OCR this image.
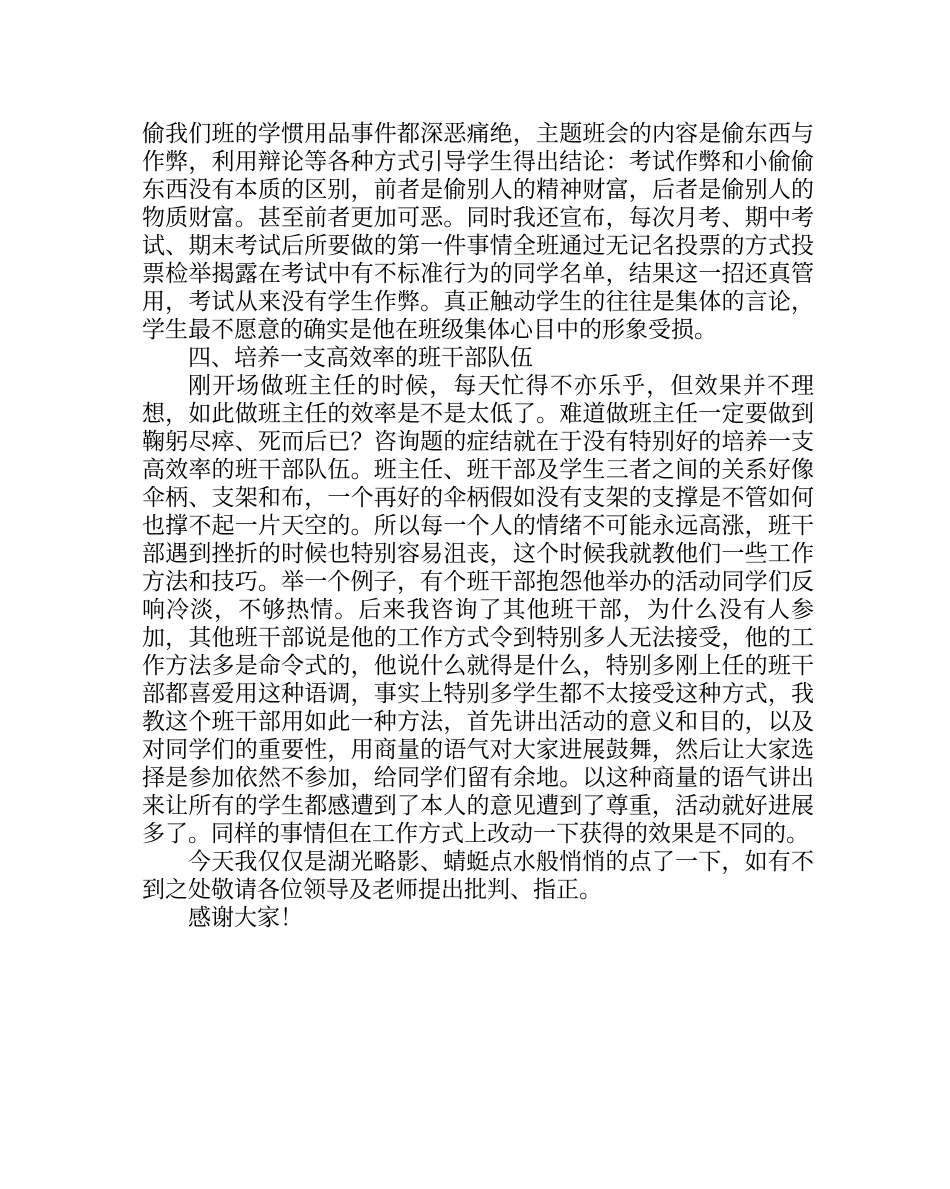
偷我们班的学惯用品事件都深恶痛绝，主题班会的内容是偷东西与作弊，利用辩论等各种方式引导学生得出结论：考试作弊和小偷偷东西没有本质的区别，前者是偷别人的精神财富，后者是偷别人的物质财富。甚至前者更加可恶。同时我还宣布，每次月考、期中考试、期末考试后所要做的第一件事情全班通过无记名投票的方式投票检举揭露在考试中有不标准行为的同学名单，结果这一招还真管用，考试从来没有学生作弊。真正触动学生的往往是集体的言论，学生最不愿意的确实是他在班级集体心目中的形象受损。

四、培养一支高效率的班干部队伍

刚开场做班主任的时候，每天忙得不亦乐乎，但效果并不理想，如此做班主任的效率是不是太低了。难道做班主任一定要做到鞠躬尽瘁、死而后已？咨询题的症结就在于没有特别好的培养一支高效率的班干部队伍。班主任、班干部及学生三者之间的关系好像伞柄、支架和布，一个再好的伞柄假如没有支架的支撑是不管如何也撑不起一片天空的。所以每一个人的情绪不可能永远高涨，班干部遇到挫折的时候也特别容易沮丧，这个时候我就教他们一些工作方法和技巧。举一个例子，有个班干部抱怨他举办的活动同学们反响冷淡，不够热情。后来我咨询了其他班干部，为什么没有人参加，其他班干部说是他的工作方式令到特别多人无法接受，他的工作方法多是命令式的，他说什么就得是什么，特别多刚上任的班干部都喜爱用这种语调，事实上特别多学生都不太接受这种方式，我教这个班干部用如此一种方法，首先讲出活动的意义和目的，以及对同学们的重要性，用商量的语气对大家进展鼓舞，然后让大家选择是参加依然不参加，给同学们留有余地。以这种商量的语气讲出来让所有的学生都感遭到了本人的意见遭到了尊重，活动就好进展多了。同样的事情但在工作方式上改动一下获得的效果是不同的。

今天我仅仅是湖光略影、蜻蜓点水般悄悄的点了一下，如有不到之处敬请各位领导及老师提出批判、指正。

感谢大家！
